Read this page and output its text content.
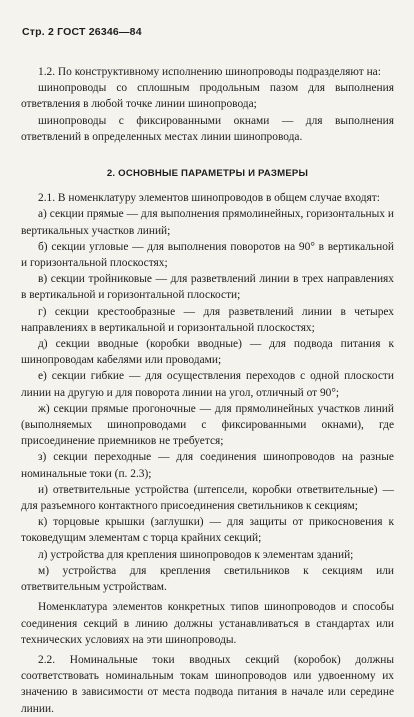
Стр. 2 ГОСТ 26346—84

1.2. По конструктивному исполнению шинопроводы подразделяют на:

шинопроводы со сплошным продольным пазом для выполнения ответвления в любой точке линии шинопровода;

шинопроводы с фиксированными окнами — для выполнения ответвлений в определенных местах линии шинопровода.

2. ОСНОВНЫЕ ПАРАМЕТРЫ И РАЗМЕРЫ

2.1. В номенклатуру элементов шинопроводов в общем случае входят:

а) секции прямые — для выполнения прямолинейных, горизонтальных и вертикальных участков линий;

б) секции угловые — для выполнения поворотов на 90° в вертикальной и горизонтальной плоскостях;

в) секции тройниковые — для разветвлений линии в трех направлениях в вертикальной и горизонтальной плоскости;

г) секции крестообразные — для разветвлений линии в четырех направлениях в вертикальной и горизонтальной плоскостях;

д) секции вводные (коробки вводные) — для подвода питания к шинопроводам кабелями или проводами;

е) секции гибкие — для осуществления переходов с одной плоскости линии на другую и для поворота линии на угол, отличный от 90°;

ж) секции прямые прогоночные — для прямолинейных участков линий (выполняемых шинопроводами с фиксированными окнами), где присоединение приемников не требуется;

з) секции переходные — для соединения шинопроводов на разные номинальные токи (п. 2.3);

и) ответвительные устройства (штепсели, коробки ответвительные) — для разъемного контактного присоединения светильников к секциям;

к) торцовые крышки (заглушки) — для защиты от прикосновения к токоведущим элементам с торца крайних секций;

л) устройства для крепления шинопроводов к элементам зданий;

м) устройства для крепления светильников к секциям или ответвительным устройствам.

Номенклатура элементов конкретных типов шинопроводов и способы соединения секций в линию должны устанавливаться в стандартах или технических условиях на эти шинопроводы.

2.2. Номинальные токи вводных секций (коробок) должны соответствовать номинальным токам шинопроводов или удвоенному их значению в зависимости от места подвода питания в начале или середине линии.
